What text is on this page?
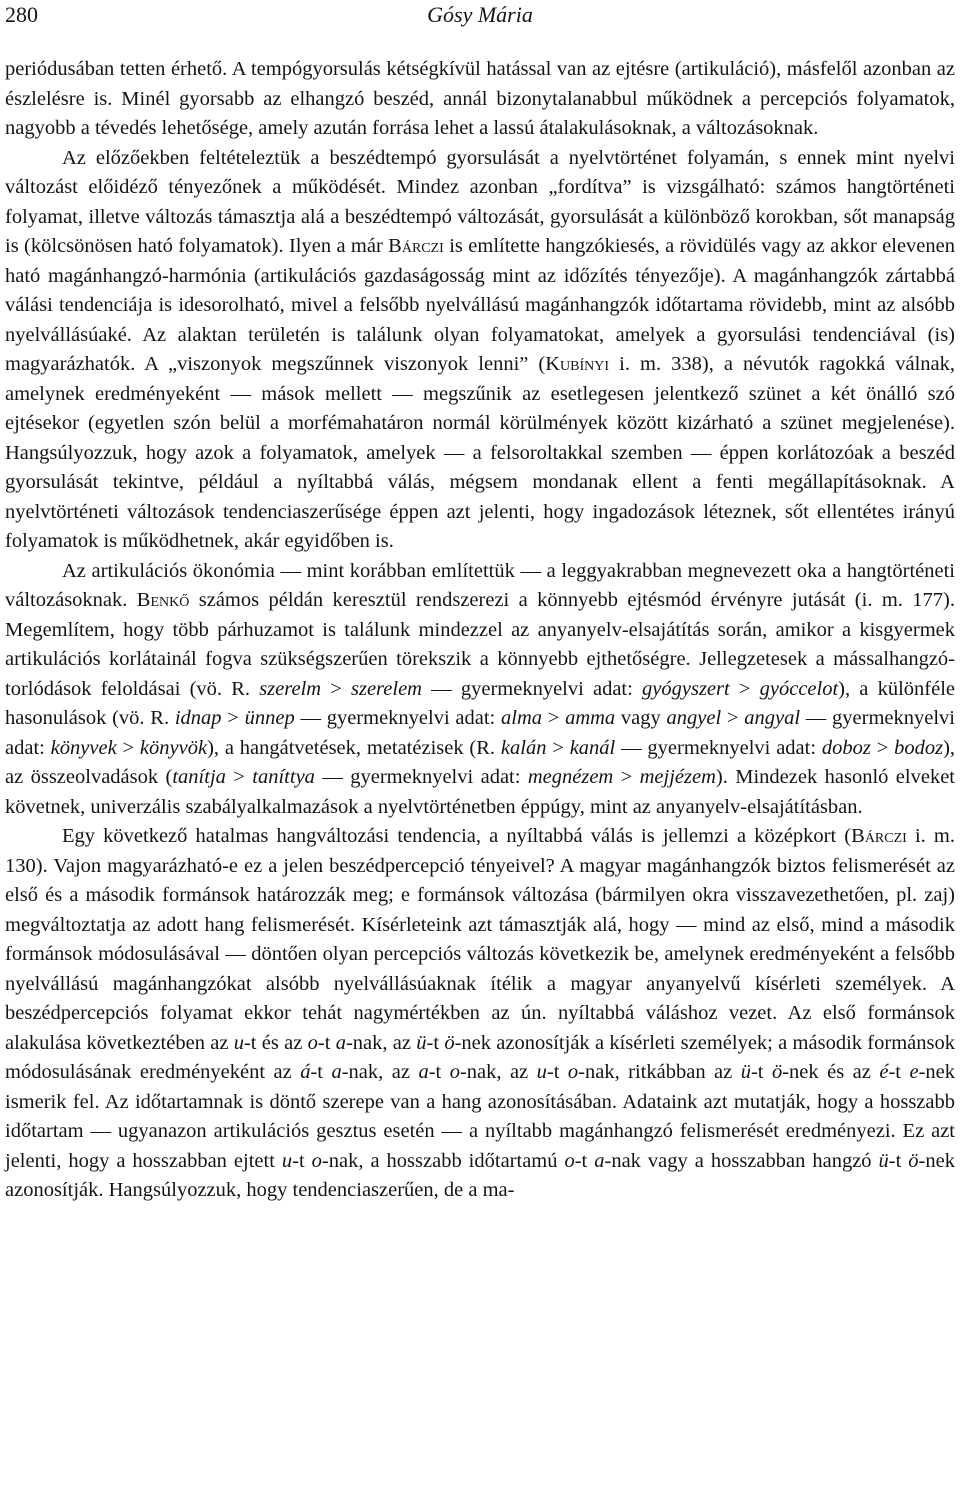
280	Gósy Mária

periódusában tetten érhető. A tempógyorsulás kétségkívül hatással van az ejtésre (artikuláció), másfelől azonban az észlelésre is. Minél gyorsabb az elhangzó beszéd, annál bizonytalanabbul működnek a percepciós folyamatok, nagyobb a tévedés lehetősége, amely azután forrása lehet a lassú átalakulásoknak, a változásoknak.

Az előzőekben feltételeztük a beszédtempó gyorsulását a nyelvtörténet folyamán, s ennek mint nyelvi változást előidéző tényezőnek a működését. Mindez azonban „fordítva” is vizsgálható: számos hangtörténeti folyamat, illetve változás támasztja alá a beszédtempó változását, gyorsulását a különböző korokban, sőt manapság is (kölcsönösen ható folyamatok). Ilyen a már Bárczi is említette hangzókiesés, a rövidülés vagy az akkor elevenen ható magánhangzó-harmónia (artikulációs gazdaságosság mint az időzítés tényezője). A magánhangzók zártabbá válási tendenciája is idesorolható, mivel a felsőbb nyelvállású magánhangzók időtartama rövidebb, mint az alsóbb nyelvállásúaké. Az alaktan területén is találunk olyan folyamatokat, amelyek a gyorsulási tendenciával (is) magyarázhatók. A „viszonyok megszűnnek viszonyok lenni” (Kubínyi i. m. 338), a névutók ragokká válnak, amelynek eredményeként — mások mellett — megszűnik az esetlegesen jelentkező szünet a két önálló szó ejtésekor (egyetlen szón belül a morfémahatáron normál körülmények között kizárható a szünet megjelenése). Hangsúlyozzuk, hogy azok a folyamatok, amelyek — a felsoroltakkal szemben — éppen korlátozóak a beszéd gyorsulását tekintve, például a nyíltabbá válás, mégsem mondanak ellent a fenti megállapításoknak. A nyelvtörténeti változások tendenciaszerűsége éppen azt jelenti, hogy ingadozások léteznek, sőt ellentétes irányú folyamatok is működhetnek, akár egyidőben is.

Az artikulációs ökonómia — mint korábban említettük — a leggyakrabban megnevezett oka a hangtörténeti változásoknak. Benkő számos példán keresztül rendszerezi a könnyebb ejtésmód érvényre jutását (i. m. 177). Megemlítem, hogy több párhuzamot is találunk mindezzel az anyanyelv-elsajátítás során, amikor a kisgyermek artikulációs korlátainál fogva szükségszerűen törekszik a könnyebb ejthetőségre. Jellegzetesek a mássalhangzó-torlódások feloldásai (vö. R. szerelm > szerelem — gyermeknyelvi adat: gyógyszert > gyóccelot), a különféle hasonulások (vö. R. idnap > ünnep — gyermeknyelvi adat: alma > amma vagy angyel > angyal — gyermeknyelvi adat: könyvek > könyvök), a hangátvetések, metatézisek (R. kalán > kanál — gyermeknyelvi adat: doboz > bodoz), az összeolvadások (tanítja > taníttya — gyermeknyelvi adat: megnézem > mejjézem). Mindezek hasonló elveket követnek, univerzális szabályalkalmazások a nyelvtörténetben éppúgy, mint az anyanyelv-elsajátításban.

Egy következő hatalmas hangváltozási tendencia, a nyíltabbá válás is jellemzi a középkort (Bárczi i. m. 130). Vajon magyarázható-e ez a jelen beszédpercepció tényeivel? A magyar magánhangzók biztos felismerését az első és a második formánsok határozzák meg; e formánsok változása (bármilyen okra visszavezethetően, pl. zaj) megváltoztatja az adott hang felismerését. Kísérleteink azt támasztják alá, hogy — mind az első, mind a második formánsok módosulásával — döntően olyan percepciós változás következik be, amelynek eredményeként a felsőbb nyelvállású magánhangzókat alsóbb nyelvállásúaknak ítélik a magyar anyanyelvű kísérleti személyek. A beszédpercepciós folyamat ekkor tehát nagymértékben az ún. nyíltabbá váláshoz vezet. Az első formánsok alakulása következtében az u-t és az o-t a-nak, az ü-t ö-nek azonosítják a kísérleti személyek; a második formánsok módosulásának eredményeként az á-t a-nak, az a-t o-nak, az u-t o-nak, ritkábban az ü-t ö-nek és az é-t e-nek ismerik fel. Az időtartamnak is döntő szerepe van a hang azonosításában. Adataink azt mutatják, hogy a hosszabb időtartam — ugyanazon artikulációs gesztus esetén — a nyíltabb magánhangzó felismerését eredményezi. Ez azt jelenti, hogy a hosszabban ejtett u-t o-nak, a hosszabb időtartamú o-t a-nak vagy a hosszabban hangzó ü-t ö-nek azonosítják. Hangsúlyozzuk, hogy tendenciaszerűen, de a ma-
